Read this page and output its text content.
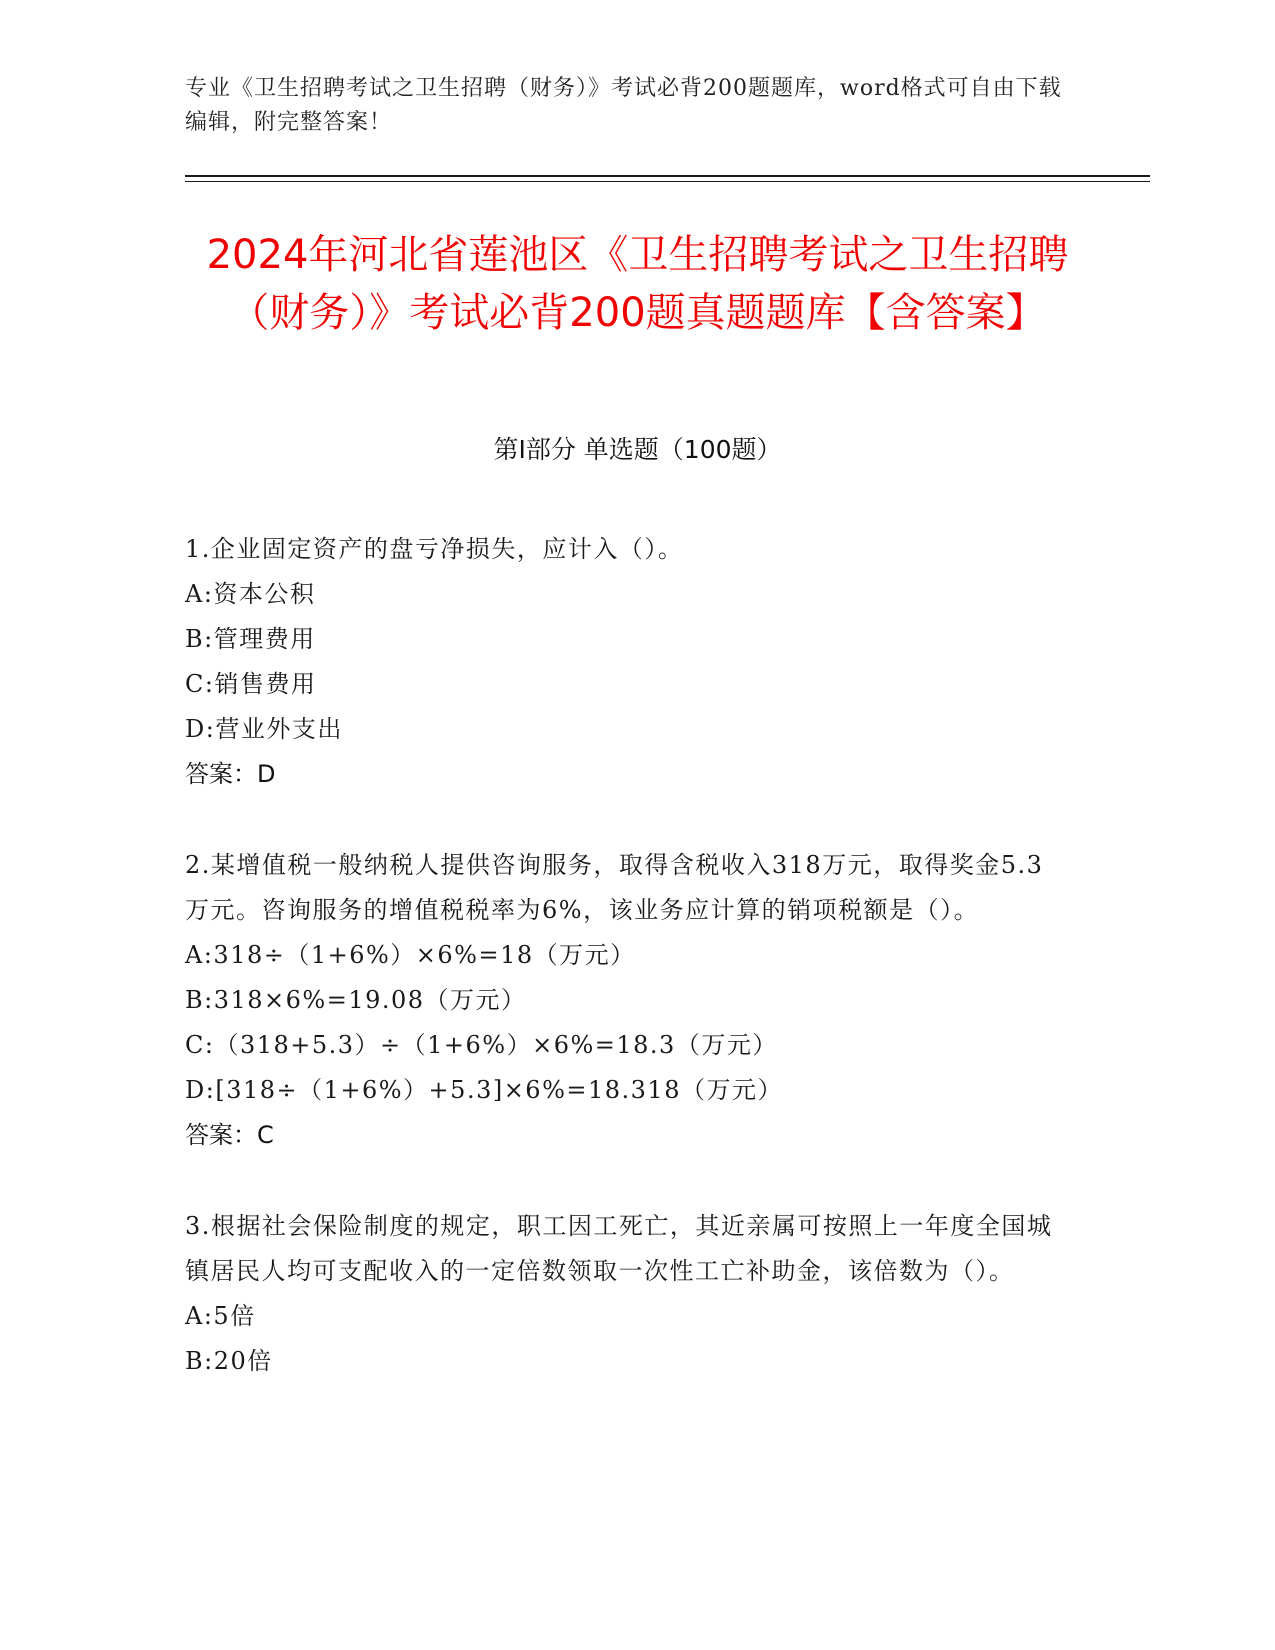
专业《卫生招聘考试之卫生招聘（财务）》考试必背200题题库，word格式可自由下载编辑，附完整答案！
2024年河北省莲池区《卫生招聘考试之卫生招聘（财务）》考试必背200题真题题库【含答案】
第Ⅰ部分 单选题（100题）
1.企业固定资产的盘亏净损失，应计入（）。
A:资本公积
B:管理费用
C:销售费用
D:营业外支出
答案：D
2.某增值税一般纳税人提供咨询服务，取得含税收入318万元，取得奖金5.3万元。咨询服务的增值税税率为6%，该业务应计算的销项税额是（）。
A:318÷（1+6%）×6%=18（万元）
B:318×6%=19.08（万元）
C:（318+5.3）÷（1+6%）×6%=18.3（万元）
D:[318÷（1+6%）+5.3]×6%=18.318（万元）
答案：C
3.根据社会保险制度的规定，职工因工死亡，其近亲属可按照上一年度全国城镇居民人均可支配收入的一定倍数领取一次性工亡补助金，该倍数为（）。
A:5倍
B:20倍
